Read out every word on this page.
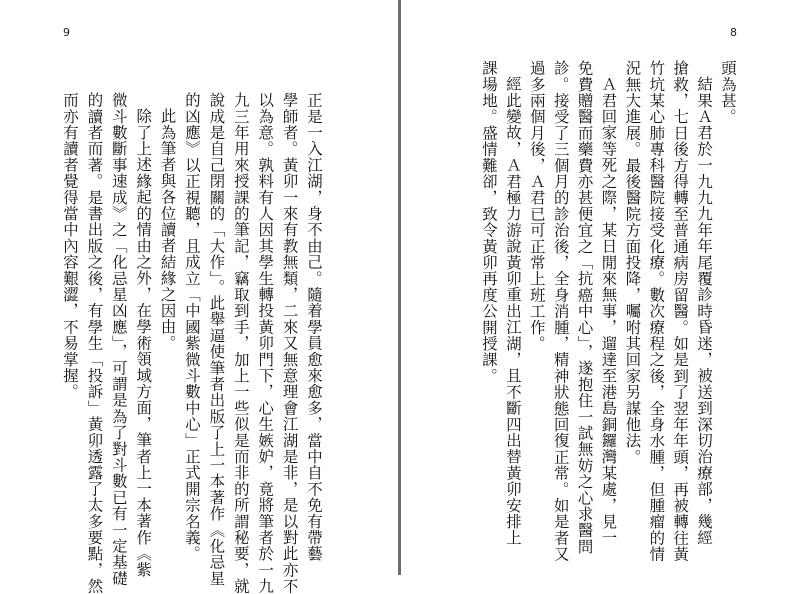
9
正是一入江湖，身不由己。隨着學員愈來愈多，當中自不免有帶藝
學師者。黃卯一來有教無類，二來又無意理會江湖是非，是以對此亦不
以為意。孰料有人因其學生轉投黃卯門下，心生嫉妒，竟將筆者於一九
九三年用來授課的筆記，竊取到手，加上一些似是而非的所謂秘要，就
說成是自己閉關的「大作」。此舉逼使筆者出版了上一本著作《化忌星
的凶應》以正視聽，且成立「中國紫微斗數中心」正式開宗名義。
此為筆者與各位讀者結緣之因由。
除了上述緣起的情由之外，在學術領域方面，筆者上一本著作《紫
微斗數斷事速成》之「化忌星凶應」，可謂是為了對斗數已有一定基礎
的讀者而著。是書出版之後，有學生「投訴」黃卯透露了太多要點，然
而亦有讀者覺得當中內容艱澀，不易掌握。
8
頭為甚。
結果Ａ君於一九九九年年尾覆診時昏迷，被送到深切治療部，幾經
搶救，七日後方得轉至普通病房留醫。如是到了翌年年頭，再被轉往黃
竹坑某心肺專科醫院接受化療。數次療程之後，全身水腫，但腫瘤的情
況無大進展。最後醫院方面投降，囑咐其回家另謀他法。
Ａ君回家等死之際，某日閒來無事，遛達至港島銅鑼灣某處，見一
免費贈醫而藥費亦甚便宜之「抗癌中心」，遂抱住一試無妨之心求醫問
診。接受了三個月的診治後，全身消腫，精神狀態回復正常。如是者又
過多兩個月後，Ａ君已可正常上班工作。
經此變故，Ａ君極力游說黃卯重出江湖，且不斷四出替黃卯安排上
課場地。盛情難卻，致令黃卯再度公開授課。
